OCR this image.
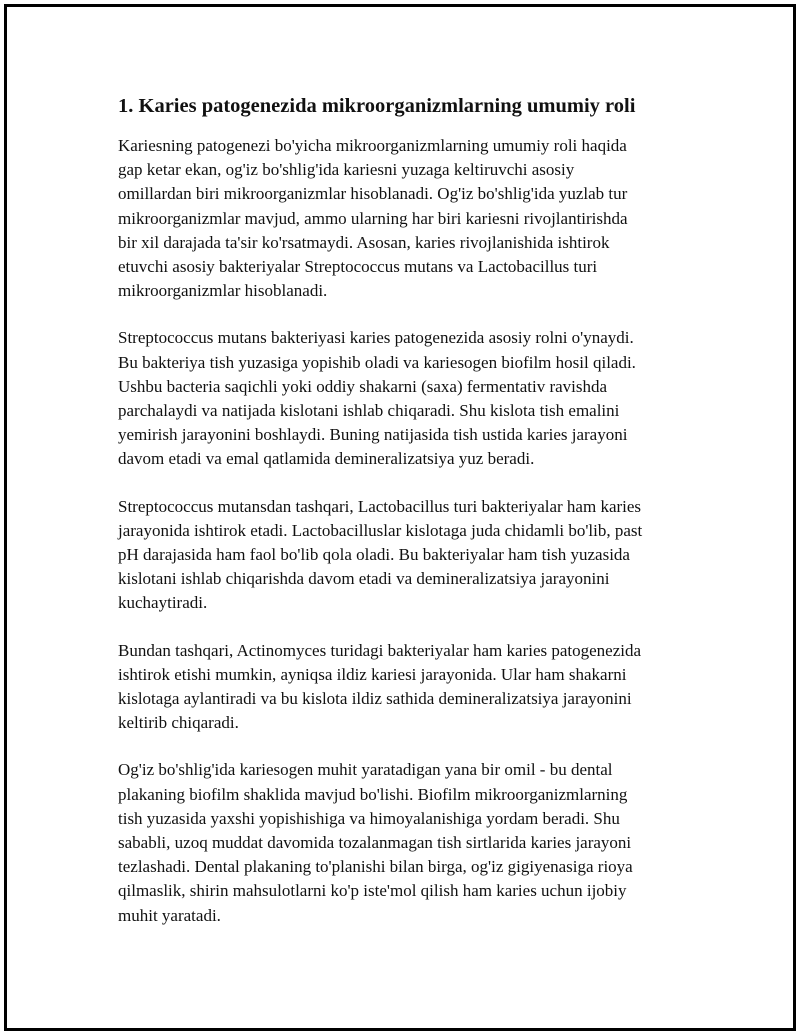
1. Karies patogenezida mikroorganizmlarning umumiy roli
Kariesning patogenezi bo'yicha mikroorganizmlarning umumiy roli haqida
gap ketar ekan, og'iz bo'shlig'ida kariesni yuzaga keltiruvchi asosiy
omillardan biri mikroorganizmlar hisoblanadi. Og'iz bo'shlig'ida yuzlab tur
mikroorganizmlar mavjud, ammo ularning har biri kariesni rivojlantirishda
bir xil darajada ta'sir ko'rsatmaydi. Asosan, karies rivojlanishida ishtirok
etuvchi asosiy bakteriyalar Streptococcus mutans va Lactobacillus turi
mikroorganizmlar hisoblanadi.
Streptococcus mutans bakteriyasi karies patogenezida asosiy rolni o'ynaydi.
Bu bakteriya tish yuzasiga yopishib oladi va kariesogen biofilm hosil qiladi.
Ushbu bacteria saqichli yoki oddiy shakarni (saxa) fermentativ ravishda
parchalaydi va natijada kislotani ishlab chiqaradi. Shu kislota tish emalini
yemirish jarayonini boshlaydi. Buning natijasida tish ustida karies jarayoni
davom etadi va emal qatlamida demineralizatsiya yuz beradi.
Streptococcus mutansdan tashqari, Lactobacillus turi bakteriyalar ham karies
jarayonida ishtirok etadi. Lactobacilluslar kislotaga juda chidamli bo'lib, past
pH darajasida ham faol bo'lib qola oladi. Bu bakteriyalar ham tish yuzasida
kislotani ishlab chiqarishda davom etadi va demineralizatsiya jarayonini
kuchaytiradi.
Bundan tashqari, Actinomyces turidagi bakteriyalar ham karies patogenezida
ishtirok etishi mumkin, ayniqsa ildiz kariesi jarayonida. Ular ham shakarni
kislotaga aylantiradi va bu kislota ildiz sathida demineralizatsiya jarayonini
keltirib chiqaradi.
Og'iz bo'shlig'ida kariesogen muhit yaratadigan yana bir omil - bu dental
plakaning biofilm shaklida mavjud bo'lishi. Biofilm mikroorganizmlarning
tish yuzasida yaxshi yopishishiga va himoyalanishiga yordam beradi. Shu
sababli, uzoq muddat davomida tozalanmagan tish sirtlarida karies jarayoni
tezlashadi. Dental plakaning to'planishi bilan birga, og'iz gigiyenasiga rioya
qilmaslik, shirin mahsulotlarni ko'p iste'mol qilish ham karies uchun ijobiy
muhit yaratadi.
